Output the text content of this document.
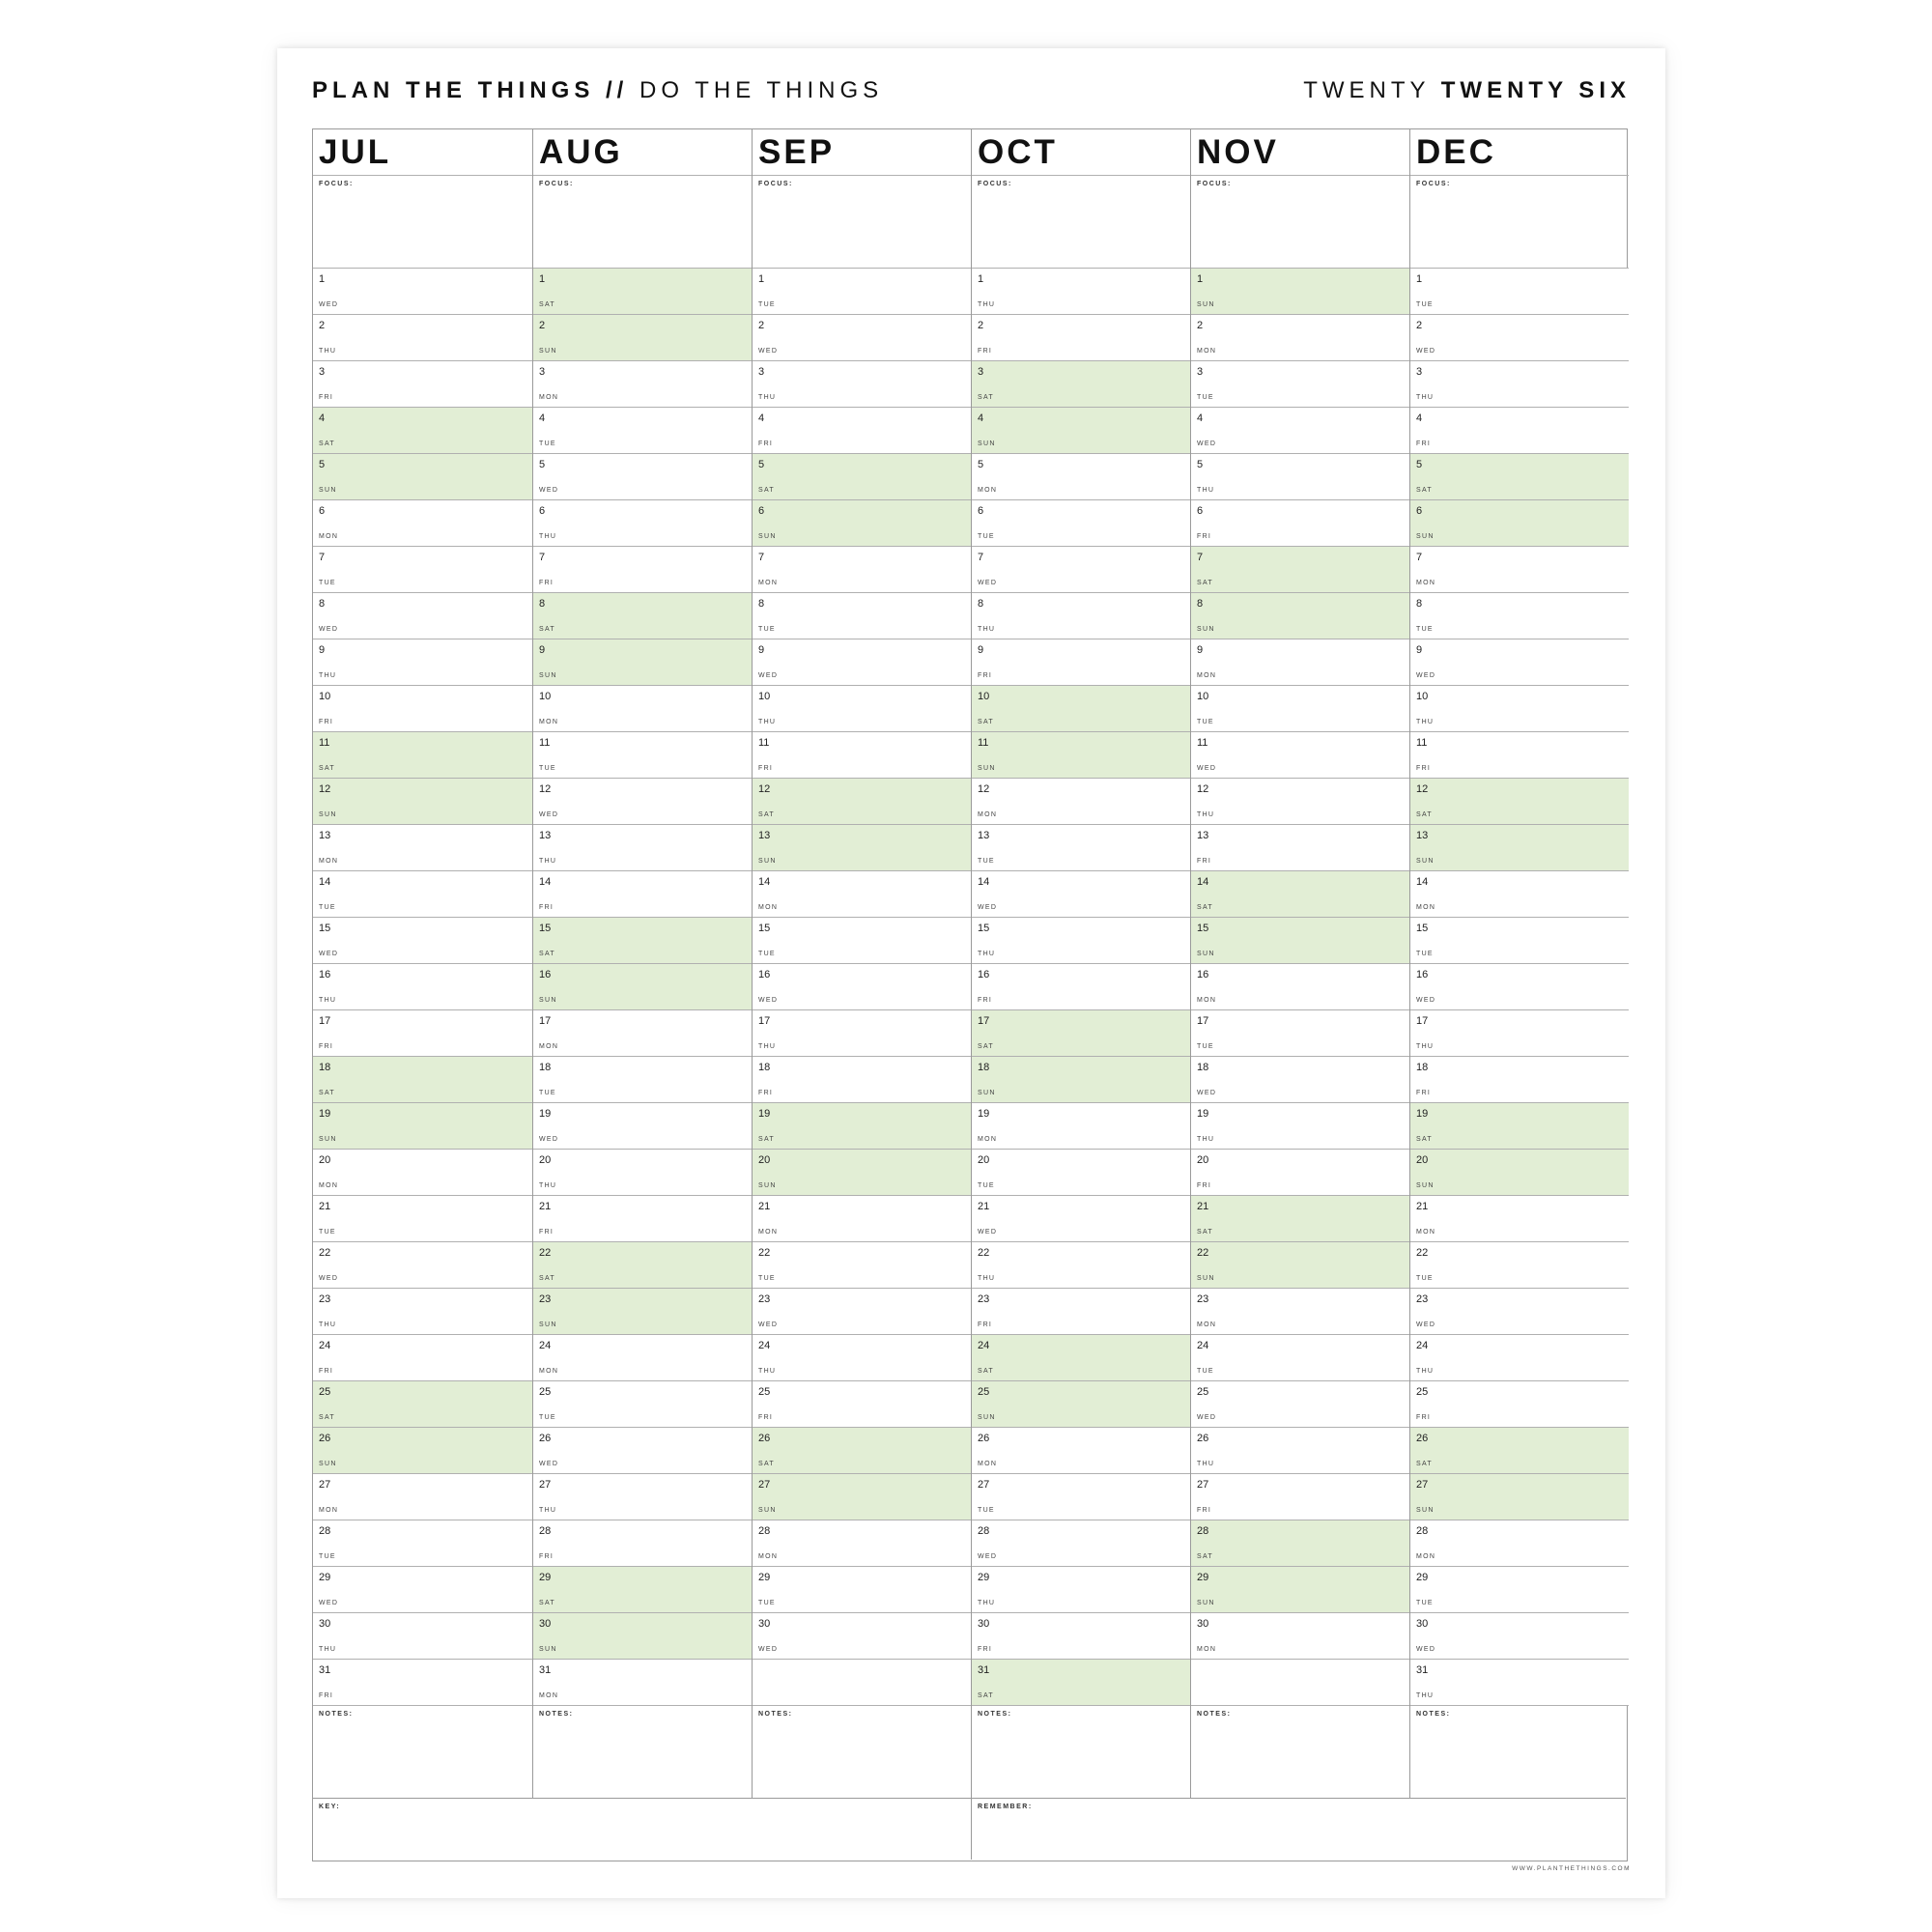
PLAN THE THINGS // DO THE THINGS	TWENTY TWENTY SIX
DEC
FOCUS:
1
TUE
2
WED
3
THU
4
FRI
5
SAT
6
SUN
7
MON
8
TUE
9
WED
10
THU
11
FRI
12
SAT
13
SUN
14
MON
15
TUE
16
WED
17
THU
18
FRI
19
SAT
20
SUN
21
MON
22
TUE
23
WED
24
THU
25
FRI
26
SAT
27
SUN
28
MON
29
TUE
30
WED
31
THU
NOTES:
NOV
FOCUS:
1
SUN
2
MON
3
TUE
4
WED
5
THU
6
FRI
7
SAT
8
SUN
9
MON
10
TUE
11
WED
12
THU
13
FRI
14
SAT
15
SUN
16
MON
17
TUE
18
WED
19
THU
20
FRI
21
SAT
22
SUN
23
MON
24
TUE
25
WED
26
THU
27
FRI
28
SAT
29
SUN
30
MON
NOTES:
OCT
FOCUS:
1
THU
2
FRI
3
SAT
4
SUN
5
MON
6
TUE
7
WED
8
THU
9
FRI
10
SAT
11
SUN
12
MON
13
TUE
14
WED
15
THU
16
FRI
17
SAT
18
SUN
19
MON
20
TUE
21
WED
22
THU
23
FRI
24
SAT
25
SUN
26
MON
27
TUE
28
WED
29
THU
30
FRI
31
SAT
NOTES:
SEP
FOCUS:
1
TUE
2
WED
3
THU
4
FRI
5
SAT
6
SUN
7
MON
8
TUE
9
WED
10
THU
11
FRI
12
SAT
13
SUN
14
MON
15
TUE
16
WED
17
THU
18
FRI
19
SAT
20
SUN
21
MON
22
TUE
23
WED
24
THU
25
FRI
26
SAT
27
SUN
28
MON
29
TUE
30
WED
NOTES:
AUG
FOCUS:
1
SAT
2
SUN
3
MON
4
TUE
5
WED
6
THU
7
FRI
8
SAT
9
SUN
10
MON
11
TUE
12
WED
13
THU
14
FRI
15
SAT
16
SUN
17
MON
18
TUE
19
WED
20
THU
21
FRI
22
SAT
23
SUN
24
MON
25
TUE
26
WED
27
THU
28
FRI
29
SAT
30
SUN
31
MON
NOTES:
JUL
FOCUS:
1
WED
2
THU
3
FRI
4
SAT
5
SUN
6
MON
7
TUE
8
WED
9
THU
10
FRI
11
SAT
12
SUN
13
MON
14
TUE
15
WED
16
THU
17
FRI
18
SAT
19
SUN
20
MON
21
TUE
22
WED
23
THU
24
FRI
25
SAT
26
SUN
27
MON
28
TUE
29
WED
30
THU
31
FRI
NOTES:
KEY:	REMEMBER:
WWW.PLANTHETHINGS.COM
